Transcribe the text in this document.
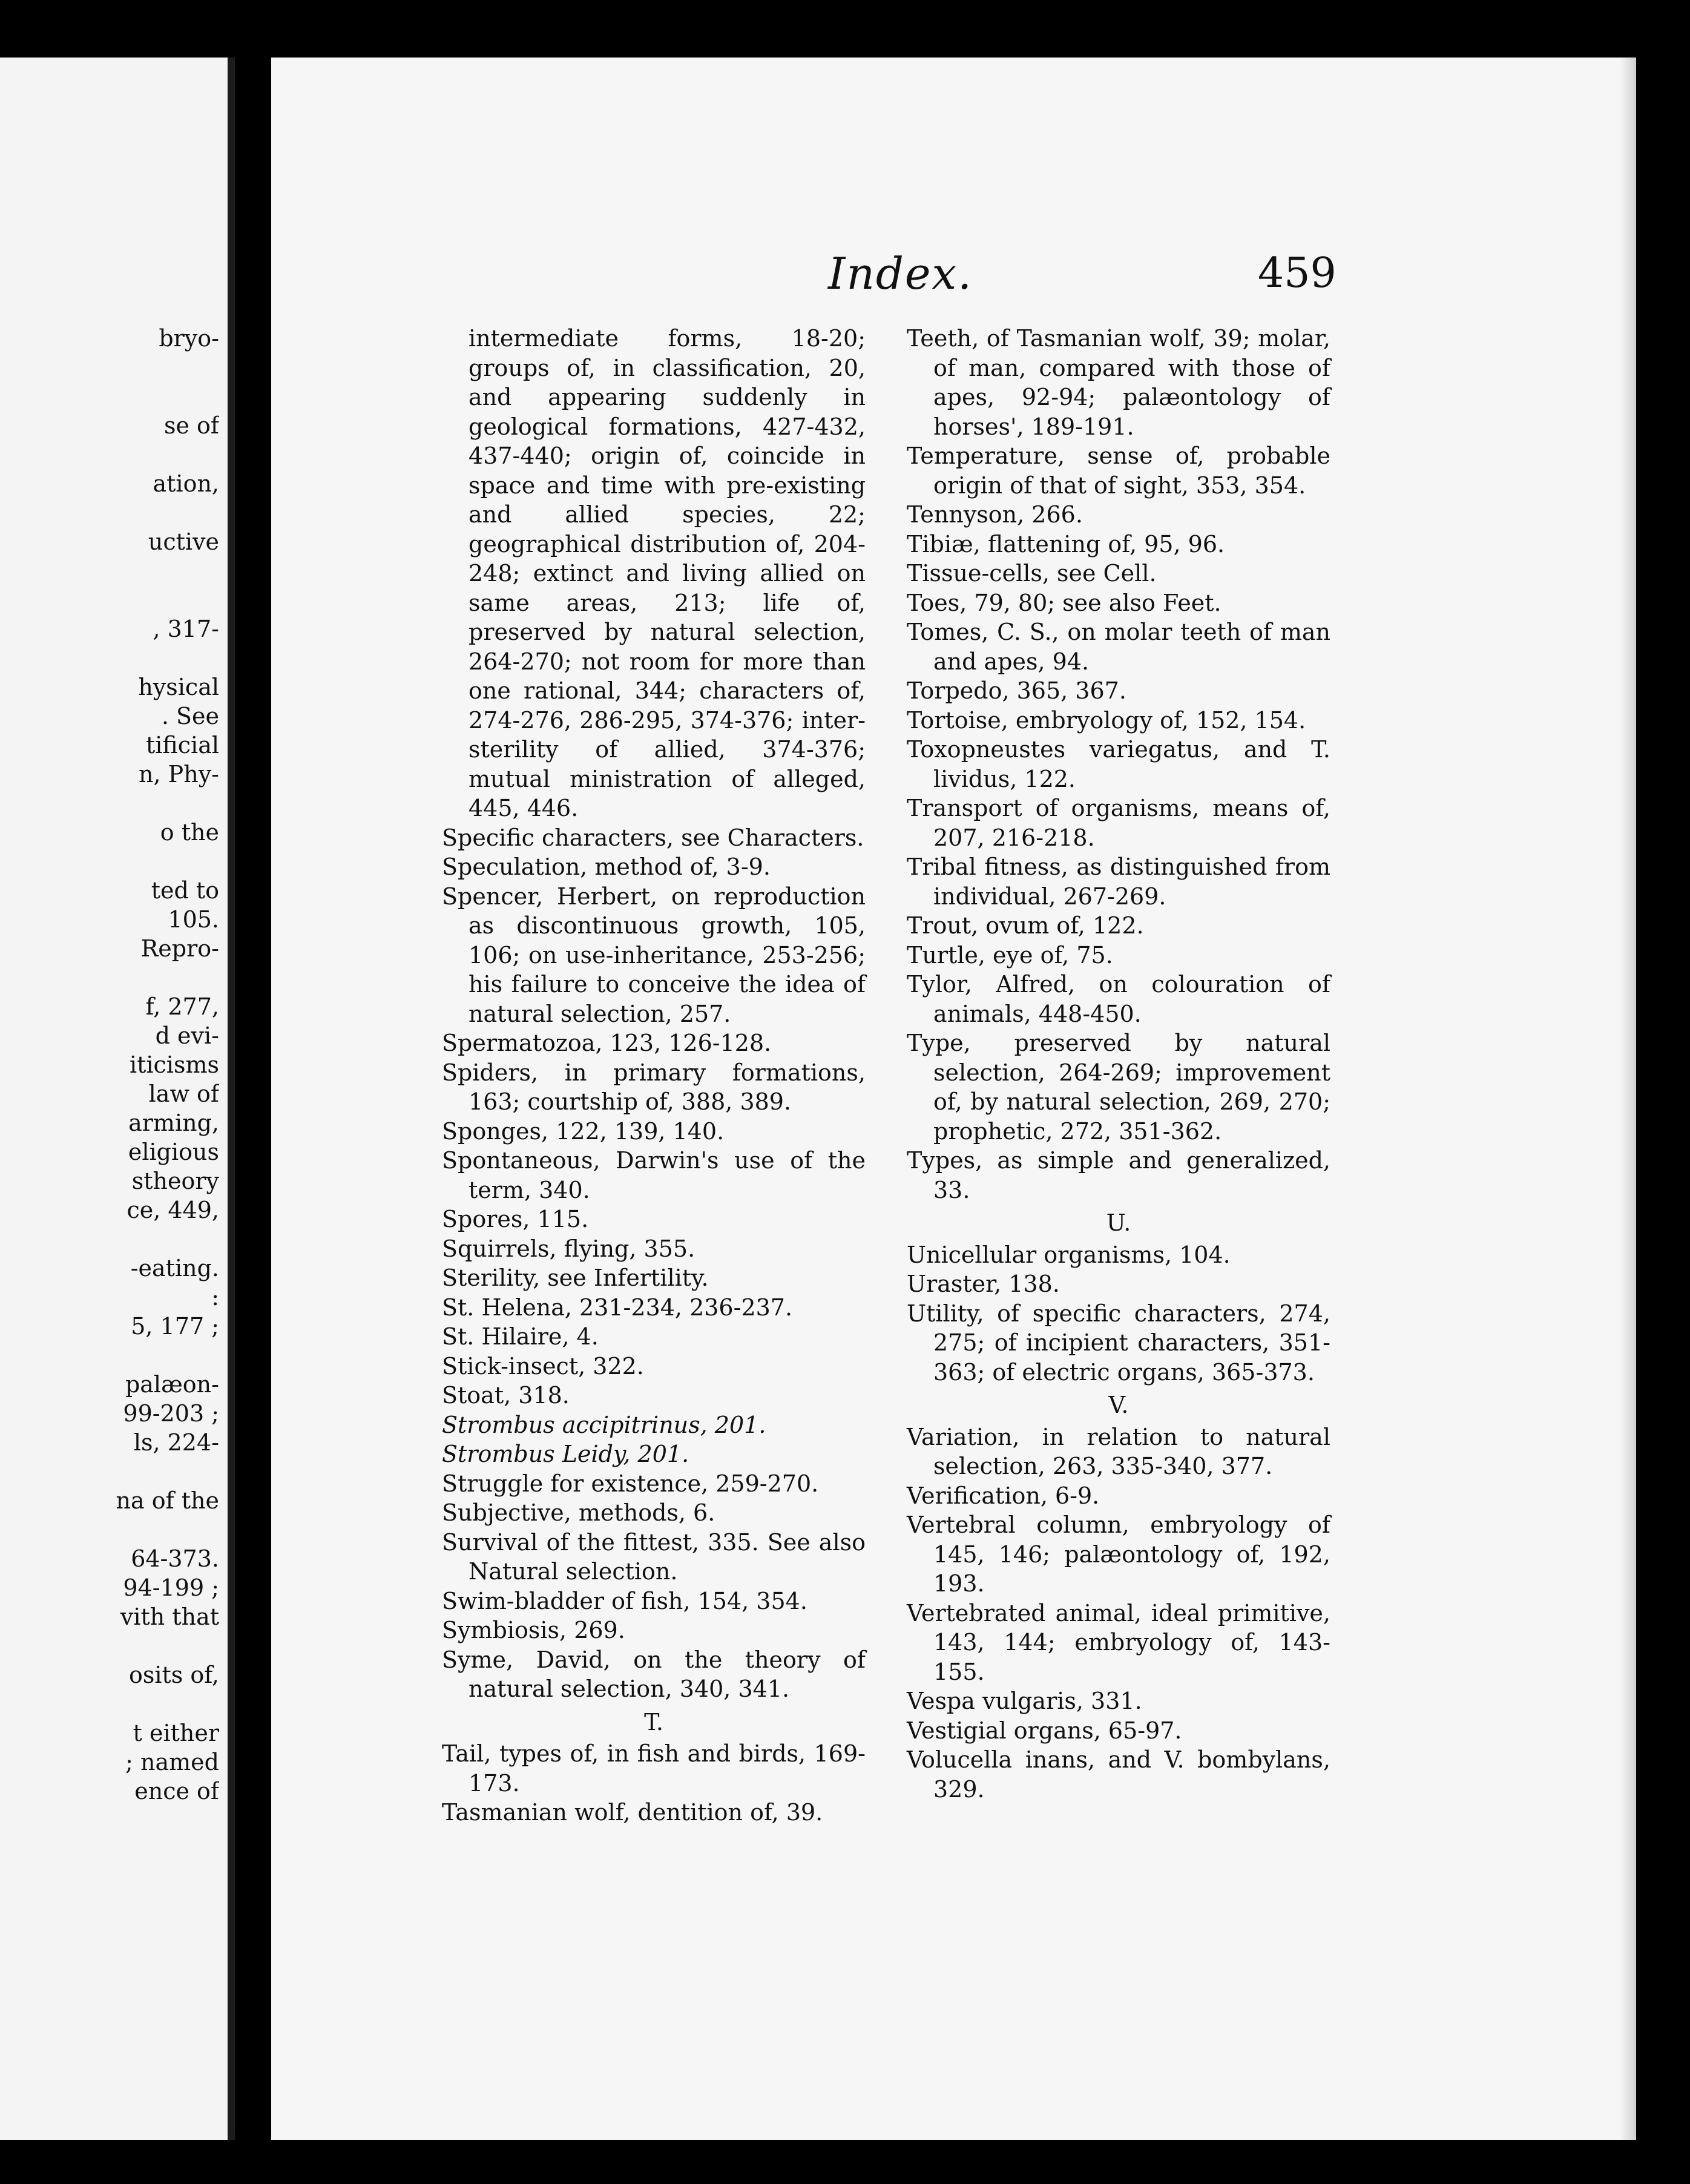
bryo-
se of
ation,
uctive
, 317-
hysical
. See
tificial
n, Phy-
o the
ted to
105.
Repro-
f, 277,
d evi-
iticisms
law of
arming,
eligious
stheory
ce, 449,
-eating.
:
5, 177 ;
palæon-
99-203 ;
ls, 224-
na of the
64-373.
94-199 ;
vith that
osits of,
t either
; named
ence of
Index.	459
intermediate forms, 18-20; groups of, in classification, 20, and appearing suddenly in geological formations, 427-432, 437-440; origin of, coincide in space and time with pre-existing and allied species, 22; geographical distribution of, 204-248; extinct and living allied on same areas, 213; life of, preserved by natural selection, 264-270; not room for more than one rational, 344; characters of, 274-276, 286-295, 374-376; inter-sterility of allied, 374-376; mutual ministration of alleged, 445, 446.
Specific characters, see Characters.
Speculation, method of, 3-9.
Spencer, Herbert, on reproduction as discontinuous growth, 105, 106; on use-inheritance, 253-256; his failure to conceive the idea of natural selection, 257.
Spermatozoa, 123, 126-128.
Spiders, in primary formations, 163; courtship of, 388, 389.
Sponges, 122, 139, 140.
Spontaneous, Darwin's use of the term, 340.
Spores, 115.
Squirrels, flying, 355.
Sterility, see Infertility.
St. Helena, 231-234, 236-237.
St. Hilaire, 4.
Stick-insect, 322.
Stoat, 318.
Strombus accipitrinus, 201.
Strombus Leidy, 201.
Struggle for existence, 259-270.
Subjective, methods, 6.
Survival of the fittest, 335. See also Natural selection.
Swim-bladder of fish, 154, 354.
Symbiosis, 269.
Syme, David, on the theory of natural selection, 340, 341.
T.
Tail, types of, in fish and birds, 169-173.
Tasmanian wolf, dentition of, 39.
Teeth, of Tasmanian wolf, 39; molar, of man, compared with those of apes, 92-94; palæontology of horses', 189-191.
Temperature, sense of, probable origin of that of sight, 353, 354.
Tennyson, 266.
Tibiæ, flattening of, 95, 96.
Tissue-cells, see Cell.
Toes, 79, 80; see also Feet.
Tomes, C. S., on molar teeth of man and apes, 94.
Torpedo, 365, 367.
Tortoise, embryology of, 152, 154.
Toxopneustes variegatus, and T. lividus, 122.
Transport of organisms, means of, 207, 216-218.
Tribal fitness, as distinguished from individual, 267-269.
Trout, ovum of, 122.
Turtle, eye of, 75.
Tylor, Alfred, on colouration of animals, 448-450.
Type, preserved by natural selection, 264-269; improvement of, by natural selection, 269, 270; prophetic, 272, 351-362.
Types, as simple and generalized, 33.
U.
Unicellular organisms, 104.
Uraster, 138.
Utility, of specific characters, 274, 275; of incipient characters, 351-363; of electric organs, 365-373.
V.
Variation, in relation to natural selection, 263, 335-340, 377.
Verification, 6-9.
Vertebral column, embryology of 145, 146; palæontology of, 192, 193.
Vertebrated animal, ideal primitive, 143, 144; embryology of, 143-155.
Vespa vulgaris, 331.
Vestigial organs, 65-97.
Volucella inans, and V. bombylans, 329.
